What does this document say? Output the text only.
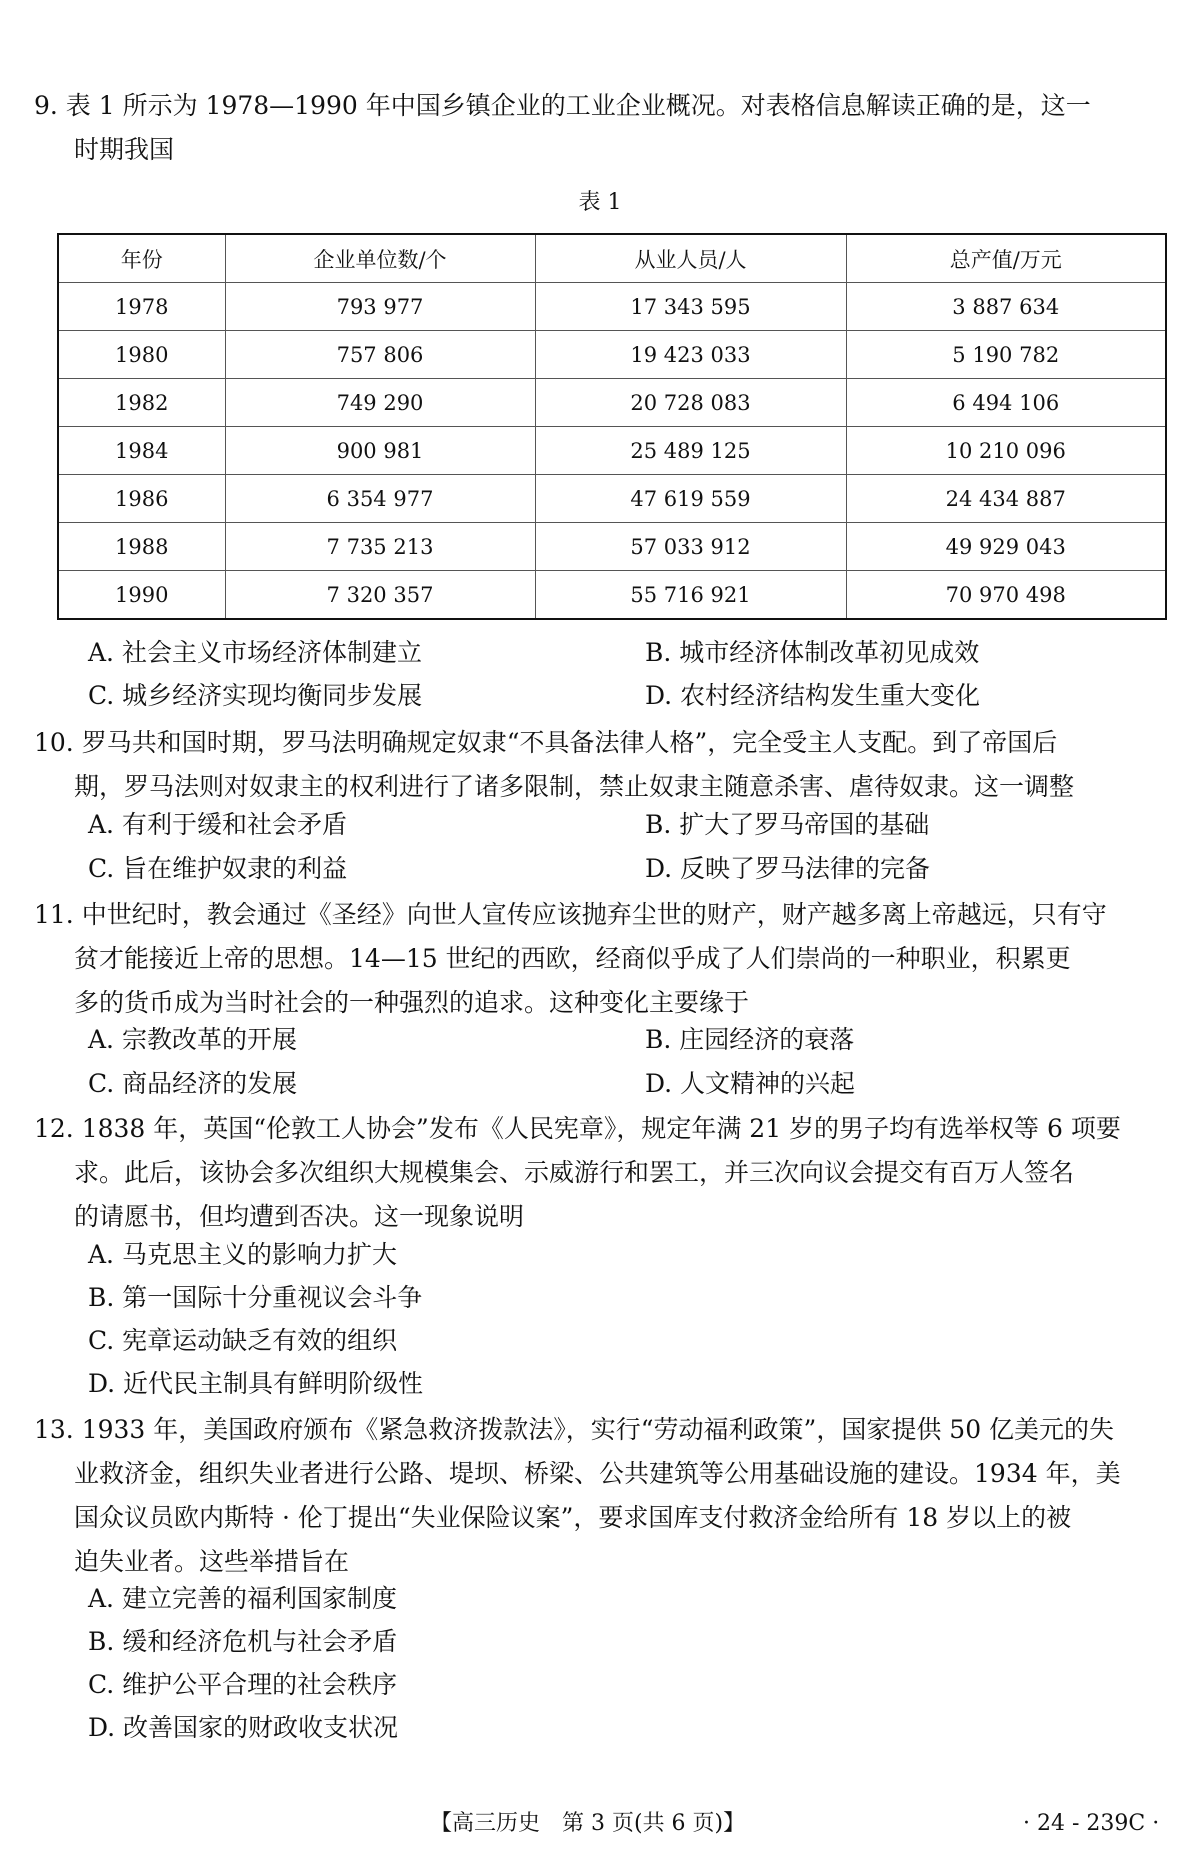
9. 表 1 所示为 1978—1990 年中国乡镇企业的工业企业概况。对表格信息解读正确的是，这一
时期我国
表 1
年份	企业单位数/个	从业人员/人	总产值/万元
1978	793 977	17 343 595	3 887 634
1980	757 806	19 423 033	5 190 782
1982	749 290	20 728 083	6 494 106
1984	900 981	25 489 125	10 210 096
1986	6 354 977	47 619 559	24 434 887
1988	7 735 213	57 033 912	49 929 043
1990	7 320 357	55 716 921	70 970 498
A. 社会主义市场经济体制建立	B. 城市经济体制改革初见成效
C. 城乡经济实现均衡同步发展	D. 农村经济结构发生重大变化
10. 罗马共和国时期，罗马法明确规定奴隶“不具备法律人格”，完全受主人支配。到了帝国后
期，罗马法则对奴隶主的权利进行了诸多限制，禁止奴隶主随意杀害、虐待奴隶。这一调整
A. 有利于缓和社会矛盾	B. 扩大了罗马帝国的基础
C. 旨在维护奴隶的利益	D. 反映了罗马法律的完备
11. 中世纪时，教会通过《圣经》向世人宣传应该抛弃尘世的财产，财产越多离上帝越远，只有守
贫才能接近上帝的思想。14—15 世纪的西欧，经商似乎成了人们崇尚的一种职业，积累更
多的货币成为当时社会的一种强烈的追求。这种变化主要缘于
A. 宗教改革的开展	B. 庄园经济的衰落
C. 商品经济的发展	D. 人文精神的兴起
12. 1838 年，英国“伦敦工人协会”发布《人民宪章》，规定年满 21 岁的男子均有选举权等 6 项要
求。此后，该协会多次组织大规模集会、示威游行和罢工，并三次向议会提交有百万人签名
的请愿书，但均遭到否决。这一现象说明
A. 马克思主义的影响力扩大
B. 第一国际十分重视议会斗争
C. 宪章运动缺乏有效的组织
D. 近代民主制具有鲜明阶级性
13. 1933 年，美国政府颁布《紧急救济拨款法》，实行“劳动福利政策”，国家提供 50 亿美元的失
业救济金，组织失业者进行公路、堤坝、桥梁、公共建筑等公用基础设施的建设。1934 年，美
国众议员欧内斯特 · 伦丁提出“失业保险议案”，要求国库支付救济金给所有 18 岁以上的被
迫失业者。这些举措旨在
A. 建立完善的福利国家制度
B. 缓和经济危机与社会矛盾
C. 维护公平合理的社会秩序
D. 改善国家的财政收支状况
【高三历史　第 3 页(共 6 页)】	· 24 - 239C ·
